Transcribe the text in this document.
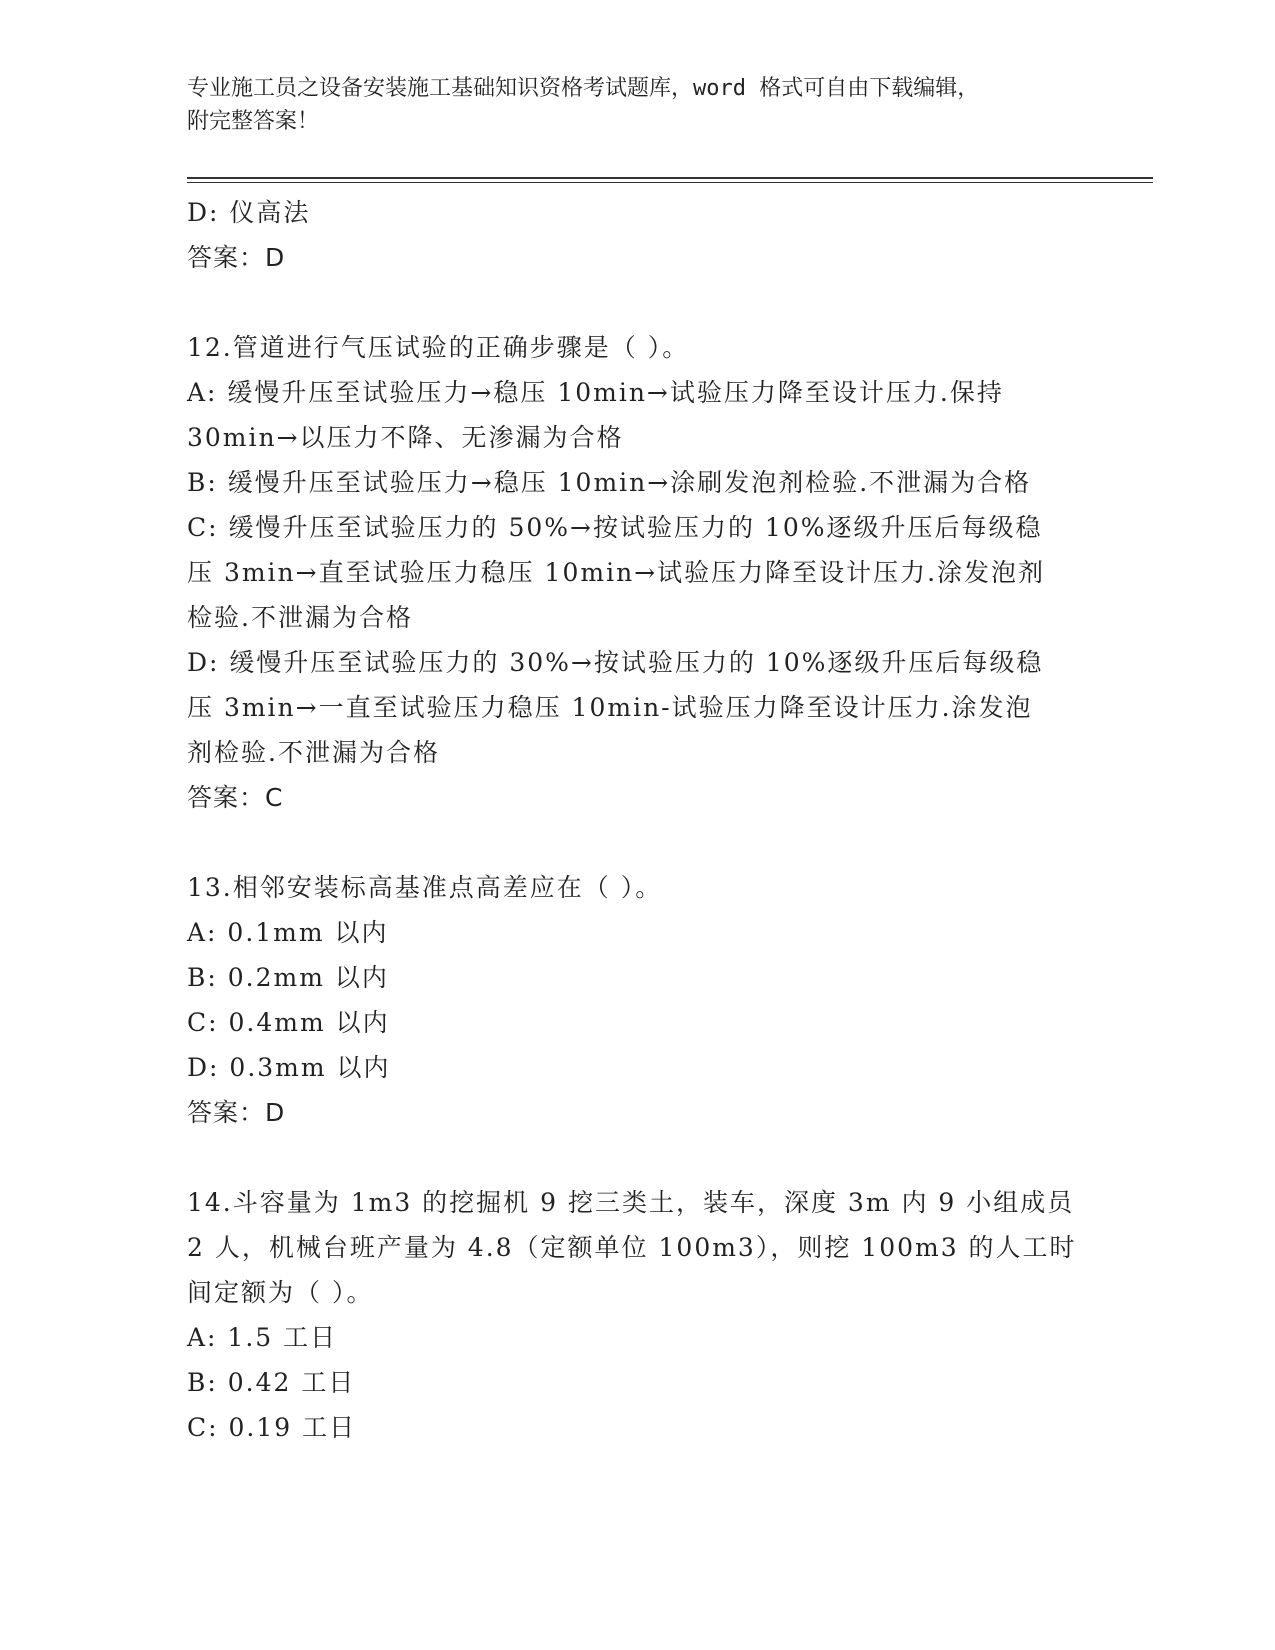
专业施工员之设备安装施工基础知识资格考试题库，word 格式可自由下载编辑，
附完整答案！
D: 仪高法
答案：D
12.管道进行气压试验的正确步骤是（ ）。
A: 缓慢升压至试验压力→稳压 10min→试验压力降至设计压力.保持
30min→以压力不降、无渗漏为合格
B: 缓慢升压至试验压力→稳压 10min→涂刷发泡剂检验.不泄漏为合格
C: 缓慢升压至试验压力的 50%→按试验压力的 10%逐级升压后每级稳
压 3min→直至试验压力稳压 10min→试验压力降至设计压力.涂发泡剂
检验.不泄漏为合格
D: 缓慢升压至试验压力的 30%→按试验压力的 10%逐级升压后每级稳
压 3min→一直至试验压力稳压 10min-试验压力降至设计压力.涂发泡
剂检验.不泄漏为合格
答案：C
13.相邻安装标高基准点高差应在（ ）。
A: 0.1mm 以内
B: 0.2mm 以内
C: 0.4mm 以内
D: 0.3mm 以内
答案：D
14.斗容量为 1m3 的挖掘机 9 挖三类土，装车，深度 3m 内 9 小组成员
2 人，机械台班产量为 4.8（定额单位 100m3），则挖 100m3 的人工时
间定额为（ ）。
A: 1.5 工日
B: 0.42 工日
C: 0.19 工日
